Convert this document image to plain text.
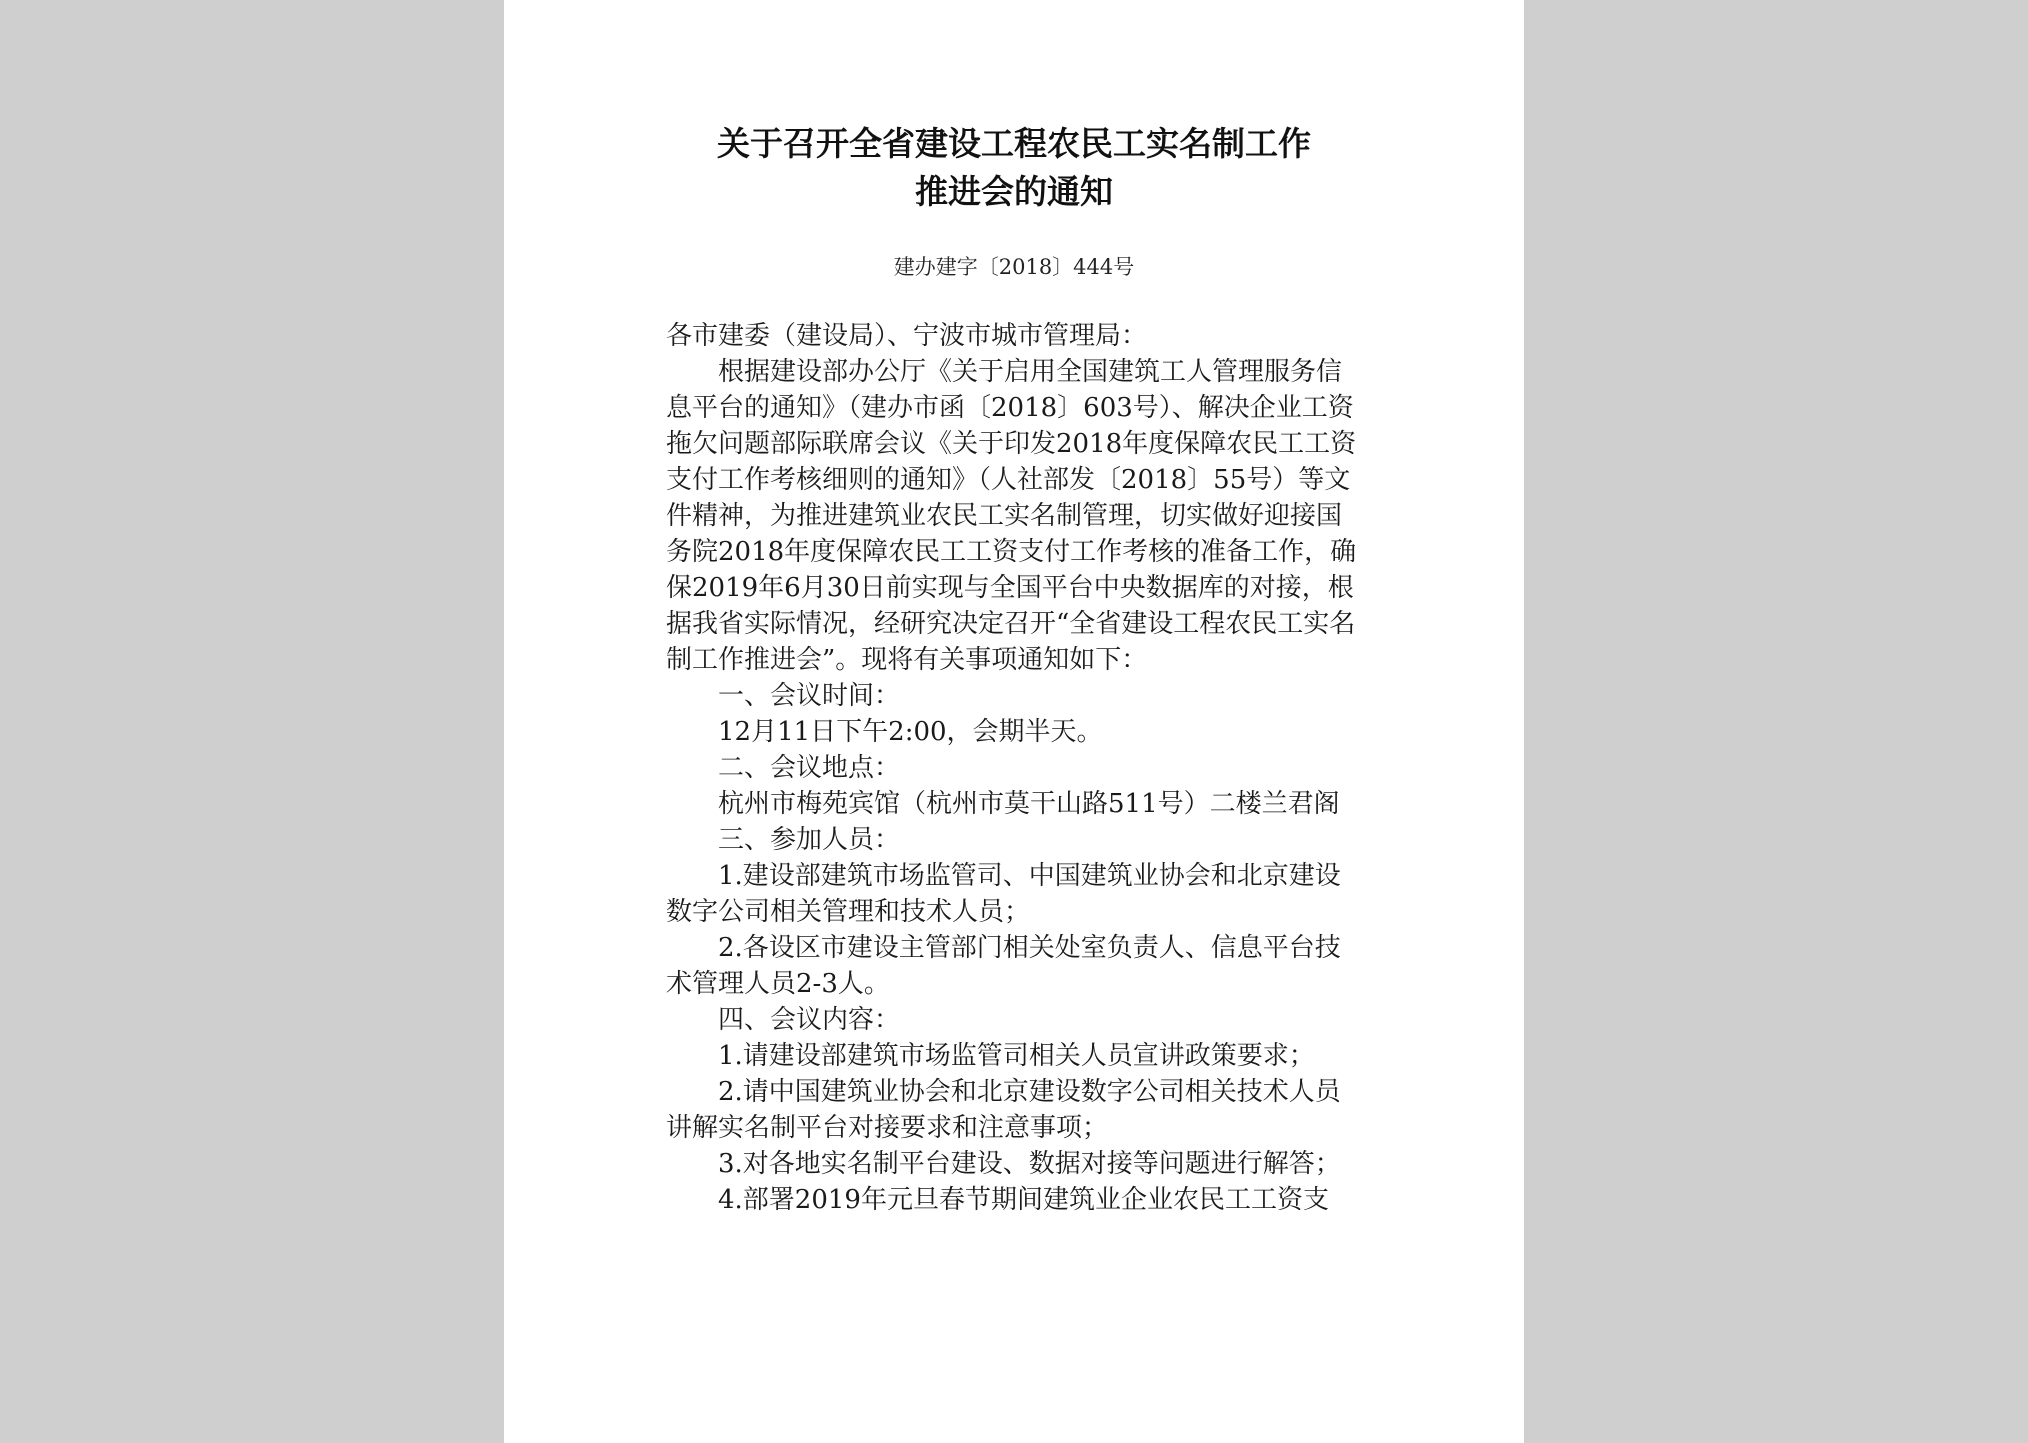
关于召开全省建设工程农民工实名制工作
推进会的通知
建办建字〔2018〕444号

各市建委（建设局）、宁波市城市管理局：

根据建设部办公厅《关于启用全国建筑工人管理服务信息平台的通知》（建办市函〔2018〕603号）、解决企业工资拖欠问题部际联席会议《关于印发2018年度保障农民工工资支付工作考核细则的通知》（人社部发〔2018〕55号）等文件精神，为推进建筑业农民工实名制管理，切实做好迎接国务院2018年度保障农民工工资支付工作考核的准备工作，确保2019年6月30日前实现与全国平台中央数据库的对接，根据我省实际情况，经研究决定召开“全省建设工程农民工实名制工作推进会”。现将有关事项通知如下：

一、会议时间：

12月11日下午2:00，会期半天。

二、会议地点：

杭州市梅苑宾馆（杭州市莫干山路511号）二楼兰君阁

三、参加人员：

1.建设部建筑市场监管司、中国建筑业协会和北京建设数字公司相关管理和技术人员；

2.各设区市建设主管部门相关处室负责人、信息平台技术管理人员2-3人。

四、会议内容：

1.请建设部建筑市场监管司相关人员宣讲政策要求；

2.请中国建筑业协会和北京建设数字公司相关技术人员讲解实名制平台对接要求和注意事项；

3.对各地实名制平台建设、数据对接等问题进行解答；

4.部署2019年元旦春节期间建筑业企业农民工工资支
